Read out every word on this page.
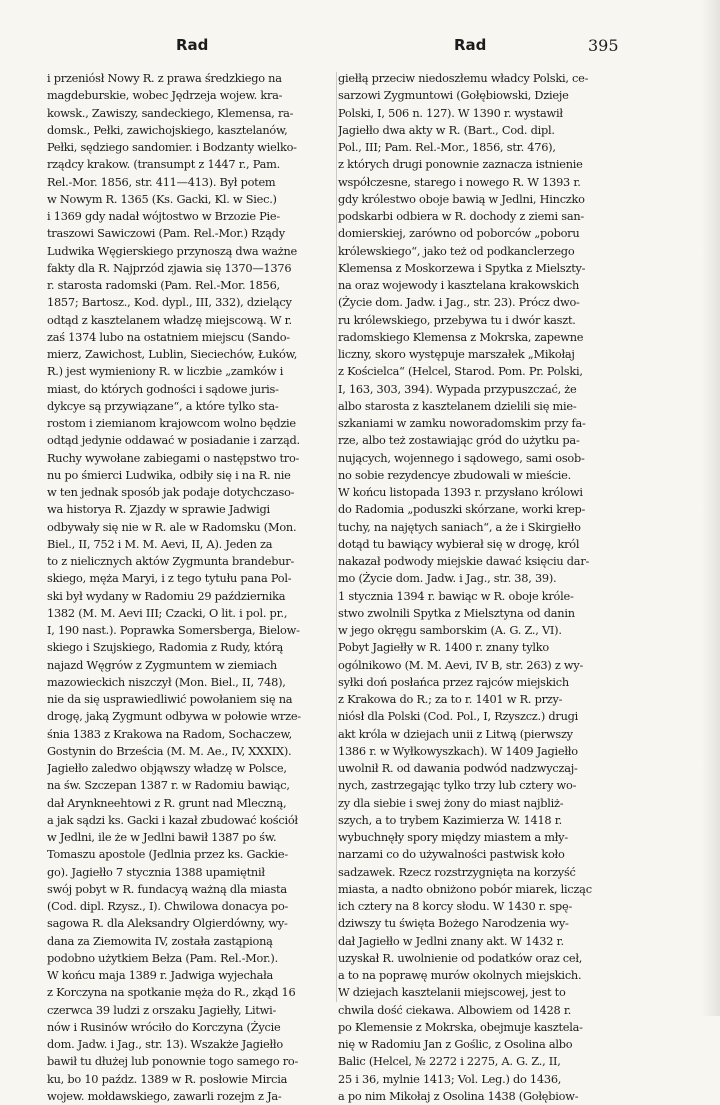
Rad	Rad	395
i przeniósł Nowy R. z prawa średzkiego na
magdeburskie, wobec Jędrzeja wojew. kra-
kowsk., Zawiszy, sandeckiego, Klemensa, ra-
domsk., Pełki, zawichojskiego, kasztelanów,
Pełki, sędziego sandomier. i Bodzanty wielko-
rządcy krakow. (transumpt z 1447 r., Pam.
Rel.-Mor. 1856, str. 411—413). Był potem
w Nowym R. 1365 (Ks. Gacki, Kl. w Siec.)
i 1369 gdy nadał wójtostwo w Brzozie Pie-
traszowi Sawiczowi (Pam. Rel.-Mor.) Rządy
Ludwika Węgierskiego przynoszą dwa ważne
fakty dla R. Najprzód zjawia się 1370—1376
r. starosta radomski (Pam. Rel.-Mor. 1856,
1857; Bartosz., Kod. dypl., III, 332), dzielący
odtąd z kasztelanem władzę miejscową. W r.
zaś 1374 lubo na ostatniem miejscu (Sando-
mierz, Zawichost, Lublin, Sieciechów, Łuków,
R.) jest wymieniony R. w liczbie „zamków i
miast, do których godności i sądowe juris-
dykcye są przywiązane“, a które tylko sta-
rostom i ziemianom krajowcom wolno będzie
odtąd jedynie oddawać w posiadanie i zarząd.
Ruchy wywołane zabiegami o następstwo tro-
nu po śmierci Ludwika, odbiły się i na R. nie
w ten jednak sposób jak podaje dotychczaso-
wa historya R. Zjazdy w sprawie Jadwigi
odbywały się nie w R. ale w Radomsku (Mon.
Biel., II, 752 i M. M. Aevi, II, A). Jeden za
to z nielicznych aktów Zygmunta brandebur-
skiego, męża Maryi, i z tego tytułu pana Pol-
ski był wydany w Radomiu 29 października
1382 (M. M. Aevi III; Czacki, O lit. i pol. pr.,
I, 190 nast.). Poprawka Somersberga, Bielow-
skiego i Szujskiego, Radomia z Rudy, którą
najazd Węgrów z Zygmuntem w ziemiach
mazowieckich niszczył (Mon. Biel., II, 748),
nie da się usprawiedliwić powołaniem się na
drogę, jaką Zygmunt odbywa w połowie wrze-
śnia 1383 z Krakowa na Radom, Sochaczew,
Gostynin do Brześcia (M. M. Ae., IV, XXXIX).
Jagiełło zaledwo objąwszy władzę w Polsce,
na św. Szczepan 1387 r. w Radomiu bawiąc,
dał Arynkneehtowi z R. grunt nad Mleczną,
a jak sądzi ks. Gacki i kazał zbudować kościół
w Jedlni, ile że w Jedlni bawił 1387 po św.
Tomaszu apostole (Jedlnia przez ks. Gackie-
go). Jagiełło 7 stycznia 1388 upamiętnił
swój pobyt w R. fundacyą ważną dla miasta
(Cod. dipl. Rzysz., I). Chwilowa donacya po-
sagowa R. dla Aleksandry Olgierdówny, wy-
dana za Ziemowita IV, została zastąpioną
podobno użytkiem Bełza (Pam. Rel.-Mor.).
W końcu maja 1389 r. Jadwiga wyjechała
z Korczyna na spotkanie męża do R., zkąd 16
czerwca 39 ludzi z orszaku Jagiełły, Litwi-
nów i Rusinów wróciło do Korczyna (Życie
dom. Jadw. i Jag., str. 13). Wszakże Jagiełło
bawił tu dłużej lub ponownie togo samego ro-
ku, bo 10 paźdz. 1389 w R. posłowie Mircia
wojew. mołdawskiego, zawarli rozejm z Ja-
giełłą przeciw niedoszłemu władcy Polski, ce-
sarzowi Zygmuntowi (Gołębiowski, Dzieje
Polski, I, 506 n. 127). W 1390 r. wystawił
Jagiełło dwa akty w R. (Bart., Cod. dipl.
Pol., III; Pam. Rel.-Mor., 1856, str. 476),
z których drugi ponownie zaznacza istnienie
współczesne, starego i nowego R. W 1393 r.
gdy królestwo oboje bawią w Jedlni, Hinczko
podskarbi odbiera w R. dochody z ziemi san-
domierskiej, zarówno od poborców „poboru
królewskiego“, jako też od podkanclerzego
Klemensa z Moskorzewa i Spytka z Mielszty-
na oraz wojewody i kasztelana krakowskich
(Życie dom. Jadw. i Jag., str. 23). Prócz dwo-
ru królewskiego, przebywa tu i dwór kaszt.
radomskiego Klemensa z Mokrska, zapewne
liczny, skoro występuje marszałek „Mikołaj
z Kościelca“ (Helcel, Starod. Pom. Pr. Polski,
I, 163, 303, 394). Wypada przypuszczać, że
albo starosta z kasztelanem dzielili się mie-
szkaniami w zamku noworadomskim przy fa-
rze, albo też zostawiając gród do użytku pa-
nujących, wojennego i sądowego, sami osob-
no sobie rezydencye zbudowali w mieście.
W końcu listopada 1393 r. przysłano królowi
do Radomia „poduszki skórzane, worki krep-
tuchy, na najętych saniach“, a że i Skirgiełło
dotąd tu bawiący wybierał się w drogę, król
nakazał podwody miejskie dawać księciu dar-
mo (Życie dom. Jadw. i Jag., str. 38, 39).
1 stycznia 1394 r. bawiąc w R. oboje króle-
stwo zwolnili Spytka z Mielsztyna od danin
w jego okręgu samborskim (A. G. Z., VI).
Pobyt Jagiełły w R. 1400 r. znany tylko
ogólnikowo (M. M. Aevi, IV B, str. 263) z wy-
syłki doń posłańca przez rajców miejskich
z Krakowa do R.; za to r. 1401 w R. przy-
niósł dla Polski (Cod. Pol., I, Rzyszcz.) drugi
akt króla w dziejach unii z Litwą (pierwszy
1386 r. w Wyłkowyszkach). W 1409 Jagiełło
uwolnił R. od dawania podwód nadzwyczaj-
nych, zastrzegając tylko trzy lub cztery wo-
zy dla siebie i swej żony do miast najbliż-
szych, a to trybem Kazimierza W. 1418 r.
wybuchnęły spory między miastem a mły-
narzami co do używalności pastwisk koło
sadzawek. Rzecz rozstrzygnięta na korzyść
miasta, a nadto obniżono pobór miarek, licząc
ich cztery na 8 korcy słodu. W 1430 r. spę-
dziwszy tu święta Bożego Narodzenia wy-
dał Jagiełło w Jedlni znany akt. W 1432 r.
uzyskał R. uwolnienie od podatków oraz ceł,
a to na poprawę murów okolnych miejskich.
W dziejach kasztelanii miejscowej, jest to
chwila dość ciekawa. Albowiem od 1428 r.
po Klemensie z Mokrska, obejmuje kasztela-
nię w Radomiu Jan z Goślic, z Osolina albo
Balic (Helcel, № 2272 i 2275, A. G. Z., II,
25 i 36, mylnie 1413; Vol. Leg.) do 1436,
a po nim Mikołaj z Osolina 1438 (Gołębiow-
